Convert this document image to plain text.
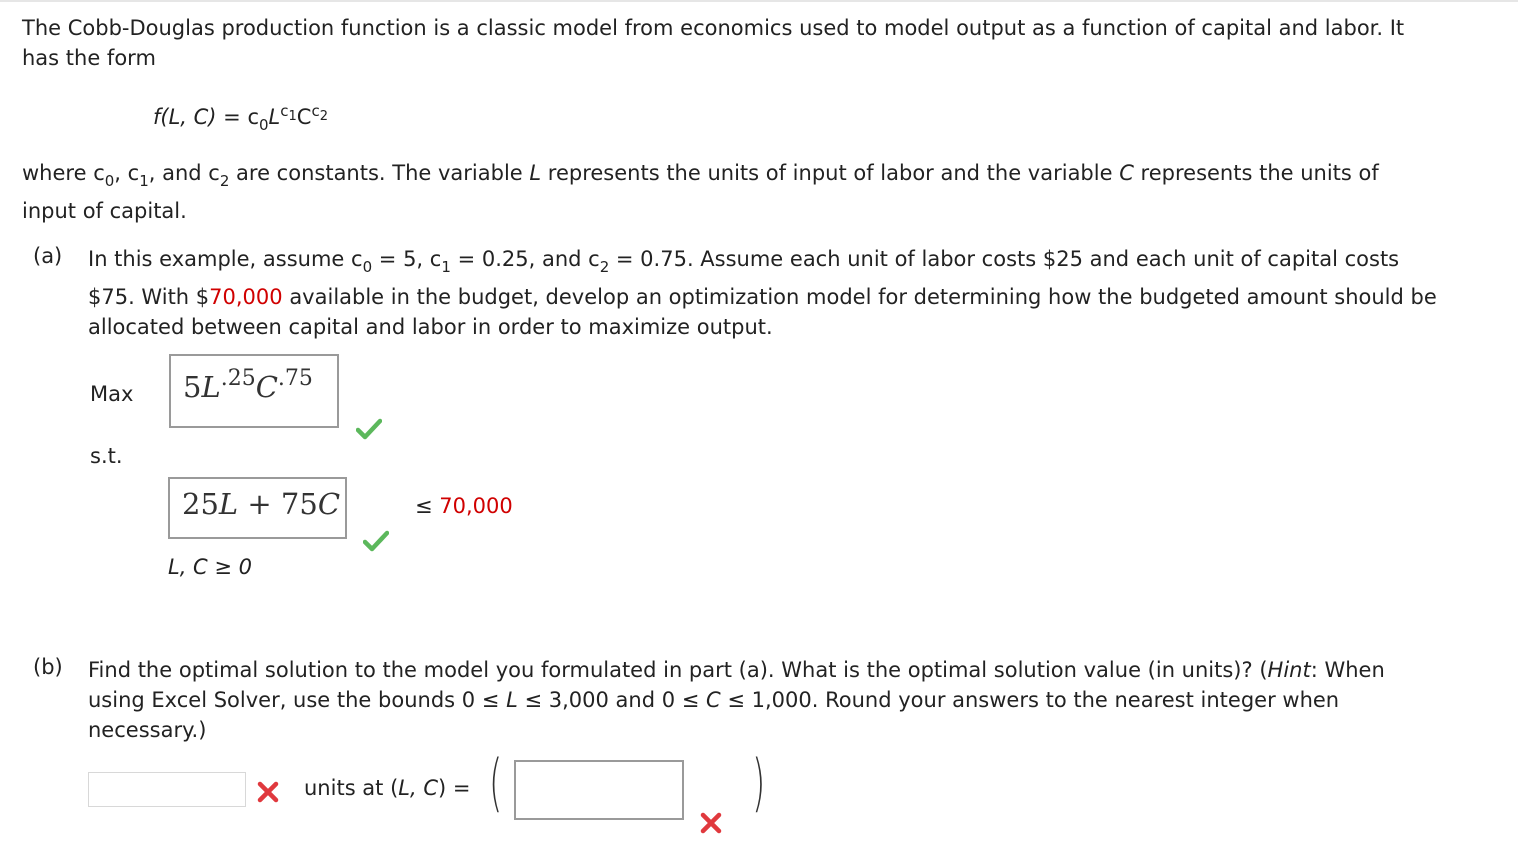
The Cobb-Douglas production function is a classic model from economics used to model output as a function of capital and labor. It
has the form
f(L, $C) = c_0L^{c_1}C^{c_2}$
where $c_0$, $c_1$, and $c_2$ are constants. The variable L represents the units of input of labor and the variable C represents the units of
input of capital.
(a) In this example, assume $c_0 = 5$, $c_1 = 0.25$, and $c_2 = 0.75$. Assume each unit of labor costs $25 and each unit of capital costs
$75. With $70,000 available in the budget, develop an optimization model for determining how the budgeted amount should be
allocated between capital and labor in order to maximize output.
Max $5L^{.25}C^{.75}$
s.t.
25L + 75C	≤ 70,000
L, C ≥ 0
(b) Find the optimal solution to the model you formulated in part (a). What is the optimal solution value (in units)? (Hint: When
using Excel Solver, use the bounds 0 ≤ L ≤ 3,000 and 0 ≤ C ≤ 1,000. Round your answers to the nearest integer when
necessary.)
units at (L, C) = (	)
